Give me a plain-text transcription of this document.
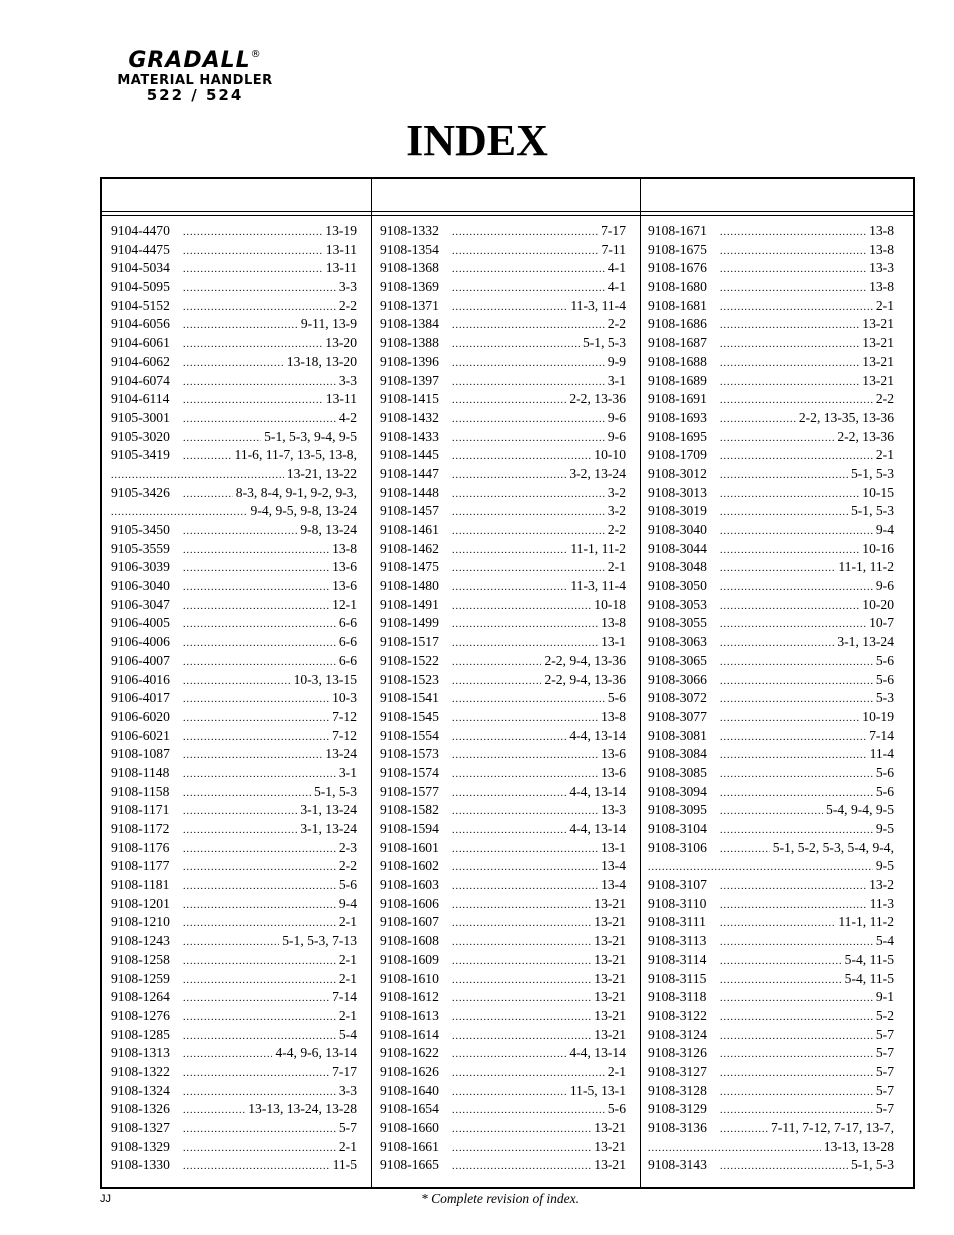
GRADALL®
MATERIAL HANDLER
522 / 524
INDEX
9104-4470 .....	13-19
9104-4475 .....	13-11
9104-5034 .....	13-11
9104-5095 .....	3-3
9104-5152 .....	2-2
9104-6056 .....	9-11, 13-9
9104-6061 .....	13-20
9104-6062 .....	13-18, 13-20
9104-6074 .....	3-3
9104-6114 .....	13-11
9105-3001 .....	4-2
9105-3020 .....	5-1, 5-3, 9-4, 9-5
9105-3419 .....	11-6, 11-7, 13-5, 13-8,
.....
13-21, 13-22
9105-3426 .....	8-3, 8-4, 9-1, 9-2, 9-3,
.....
9-4, 9-5, 9-8, 13-24
9105-3450 .....	9-8, 13-24
9105-3559 .....	13-8
9106-3039 .....	13-6
9106-3040 .....	13-6
9106-3047 .....	12-1
9106-4005 .....	6-6
9106-4006 .....	6-6
9106-4007 .....	6-6
9106-4016 .....	10-3, 13-15
9106-4017 .....	10-3
9106-6020 .....	7-12
9106-6021 .....	7-12
9108-1087 .....	13-24
9108-1148 .....	3-1
9108-1158 .....	5-1, 5-3
9108-1171 .....	3-1, 13-24
9108-1172 .....	3-1, 13-24
9108-1176 .....	2-3
9108-1177 .....	2-2
9108-1181 .....	5-6
9108-1201 .....	9-4
9108-1210 .....	2-1
9108-1243 .....	5-1, 5-3, 7-13
9108-1258 .....	2-1
9108-1259 .....	2-1
9108-1264 .....	7-14
9108-1276 .....	2-1
9108-1285 .....	5-4
9108-1313 .....	4-4, 9-6, 13-14
9108-1322 .....	7-17
9108-1324 .....	3-3
9108-1326 .....	13-13, 13-24, 13-28
9108-1327 .....	5-7
9108-1329 .....	2-1
9108-1330 .....	11-5
9108-1332 .....	7-17
9108-1354 .....	7-11
9108-1368 .....	4-1
9108-1369 .....	4-1
9108-1371 .....	11-3, 11-4
9108-1384 .....	2-2
9108-1388 .....	5-1, 5-3
9108-1396 .....	9-9
9108-1397 .....	3-1
9108-1415 .....	2-2, 13-36
9108-1432 .....	9-6
9108-1433 .....	9-6
9108-1445 .....	10-10
9108-1447 .....	3-2, 13-24
9108-1448 .....	3-2
9108-1457 .....	3-2
9108-1461 .....	2-2
9108-1462 .....	11-1, 11-2
9108-1475 .....	2-1
9108-1480 .....	11-3, 11-4
9108-1491 .....	10-18
9108-1499 .....	13-8
9108-1517 .....	13-1
9108-1522 .....	2-2, 9-4, 13-36
9108-1523 .....	2-2, 9-4, 13-36
9108-1541 .....	5-6
9108-1545 .....	13-8
9108-1554 .....	4-4, 13-14
9108-1573 .....	13-6
9108-1574 .....	13-6
9108-1577 .....	4-4, 13-14
9108-1582 .....	13-3
9108-1594 .....	4-4, 13-14
9108-1601 .....	13-1
9108-1602 .....	13-4
9108-1603 .....	13-4
9108-1606 .....	13-21
9108-1607 .....	13-21
9108-1608 .....	13-21
9108-1609 .....	13-21
9108-1610 .....	13-21
9108-1612 .....	13-21
9108-1613 .....	13-21
9108-1614 .....	13-21
9108-1622 .....	4-4, 13-14
9108-1626 .....	2-1
9108-1640 .....	11-5, 13-1
9108-1654 .....	5-6
9108-1660 .....	13-21
9108-1661 .....	13-21
9108-1665 .....	13-21
9108-1671 .....	13-8
9108-1675 .....	13-8
9108-1676 .....	13-3
9108-1680 .....	13-8
9108-1681 .....	2-1
9108-1686 .....	13-21
9108-1687 .....	13-21
9108-1688 .....	13-21
9108-1689 .....	13-21
9108-1691 .....	2-2
9108-1693 .....	2-2, 13-35, 13-36
9108-1695 .....	2-2, 13-36
9108-1709 .....	2-1
9108-3012 .....	5-1, 5-3
9108-3013 .....	10-15
9108-3019 .....	5-1, 5-3
9108-3040 .....	9-4
9108-3044 .....	10-16
9108-3048 .....	11-1, 11-2
9108-3050 .....	9-6
9108-3053 .....	10-20
9108-3055 .....	10-7
9108-3063 .....	3-1, 13-24
9108-3065 .....	5-6
9108-3066 .....	5-6
9108-3072 .....	5-3
9108-3077 .....	10-19
9108-3081 .....	7-14
9108-3084 .....	11-4
9108-3085 .....	5-6
9108-3094 .....	5-6
9108-3095 .....	5-4, 9-4, 9-5
9108-3104 .....	9-5
9108-3106 .....	5-1, 5-2, 5-3, 5-4, 9-4,
.....
9-5
9108-3107 .....	13-2
9108-3110 .....	11-3
9108-3111 .....	11-1, 11-2
9108-3113 .....	5-4
9108-3114 .....	5-4, 11-5
9108-3115 .....	5-4, 11-5
9108-3118 .....	9-1
9108-3122 .....	5-2
9108-3124 .....	5-7
9108-3126 .....	5-7
9108-3127 .....	5-7
9108-3128 .....	5-7
9108-3129 .....	5-7
9108-3136 .....	7-11, 7-12, 7-17, 13-7,
.....
13-13, 13-28
9108-3143 .....	5-1, 5-3
JJ	* Complete revision of index.
